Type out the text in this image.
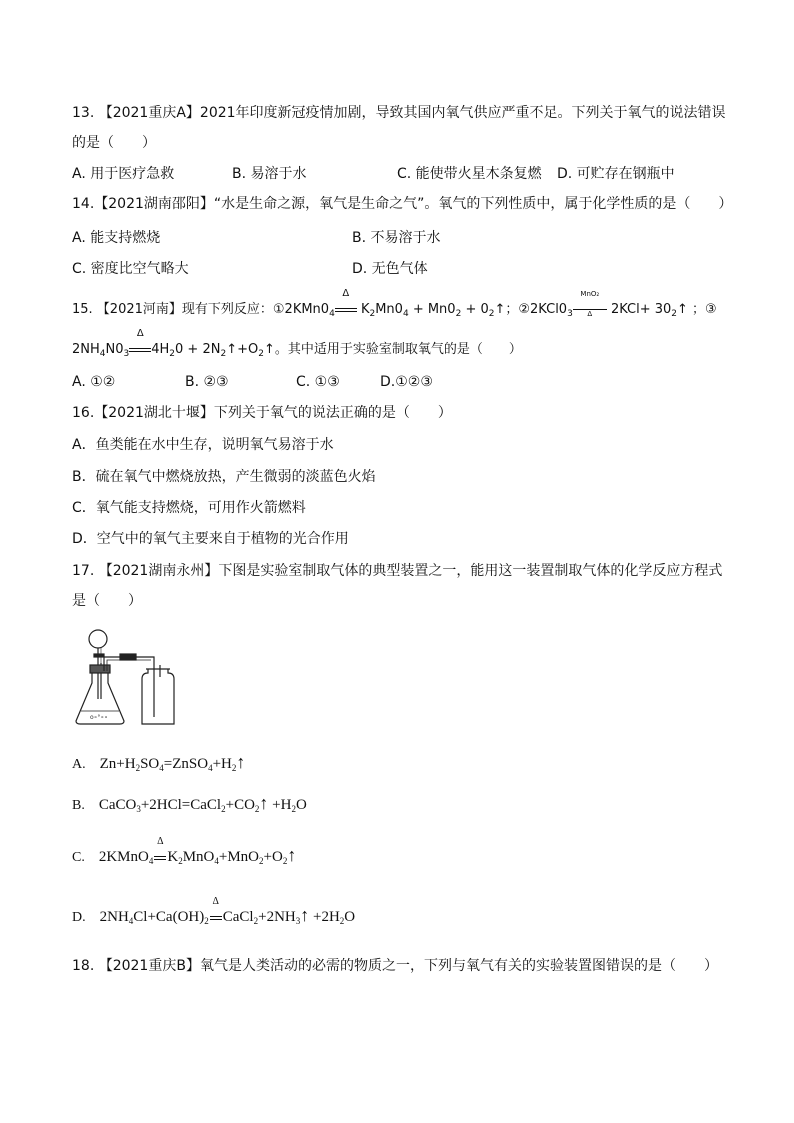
13. 【2021重庆A】2021年印度新冠疫情加剧，导致其国内氧气供应严重不足。下列关于氧气的说法错误
的是（　　）
A. 用于医疗急救	B. 易溶于水	C. 能使带火星木条复燃 D. 可贮存在钢瓶中
14.【2021湖南邵阳】“水是生命之源，氧气是生命之气”。氧气的下列性质中，属于化学性质的是（　　）
A. 能支持燃烧	B. 不易溶于水
C. 密度比空气略大	D. 无色气体
15. 【2021河南】现有下列反应：$①2KMn0_4$
Δ
$K_2Mn0_4 + Mn0_2$ + $0_2↑$；$②2KCl0_3$
MnO₂
Δ	$2KCl+ 30_2↑$ ；③
$2NH_4N0_3$
Δ
$4H_20$ + $2N_2↑+O_2↑$。其中适用于实验室制取氧气的是（　　）
A. ①②	B. ②③	C. ①③	D.①②③
16.【2021湖北十堰】下列关于氧气的说法正确的是（　　）
A．鱼类能在水中生存，说明氧气易溶于水
B．硫在氧气中燃烧放热，产生微弱的淡蓝色火焰
C．氧气能支持燃烧，可用作火箭燃料
D．空气中的氧气主要来自于植物的光合作用
17. 【2021湖南永州】下图是实验室制取气体的典型装置之一，能用这一装置制取气体的化学反应方程式
是（　　）
o∘°∘∘
A. $Zn+H_2SO_4=ZnSO_4+H_2↑$
B. $CaCO_3+2HCl=CaCl_2+CO_2↑ +H_2O$
C. 2KMnO$_4$
Δ
$K_2MnO_4+MnO_2+O_2↑$
D. $2NH_4Cl+Ca(OH)_2$
Δ
$CaCl_2+2NH_3↑ +2H_2O$
18. 【2021重庆B】氧气是人类活动的必需的物质之一，下列与氧气有关的实验装置图错误的是（　　）
